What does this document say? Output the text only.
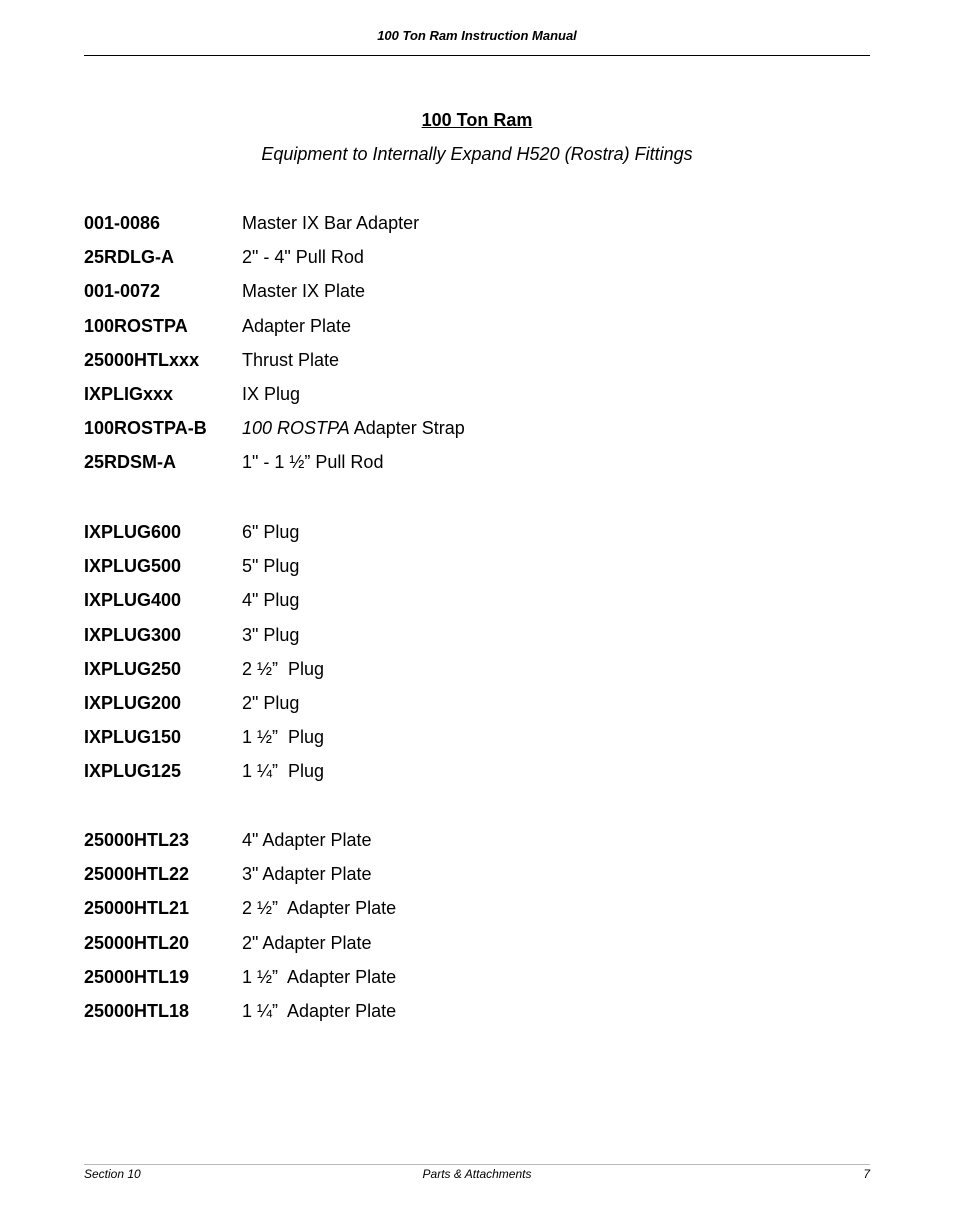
100 Ton Ram Instruction Manual
100 Ton Ram
Equipment to Internally Expand H520 (Rostra) Fittings
001-0086	Master IX Bar Adapter
25RDLG-A	2" - 4" Pull Rod
001-0072	Master IX Plate
100ROSTPA	Adapter Plate
25000HTLxxx	Thrust Plate
IXPLIGxxx	IX Plug
100ROSTPA-B	100 ROSTPA Adapter Strap
25RDSM-A	1" - 1 ½” Pull Rod
IXPLUG600	6" Plug
IXPLUG500	5" Plug
IXPLUG400	4" Plug
IXPLUG300	3" Plug
IXPLUG250	2 ½”  Plug
IXPLUG200	2" Plug
IXPLUG150	1 ½”  Plug
IXPLUG125	1 ¼”  Plug
25000HTL23	4" Adapter Plate
25000HTL22	3" Adapter Plate
25000HTL21	2 ½”  Adapter Plate
25000HTL20	2" Adapter Plate
25000HTL19	1 ½”  Adapter Plate
25000HTL18	1 ¼”  Adapter Plate
Section 10	Parts & Attachments	7
